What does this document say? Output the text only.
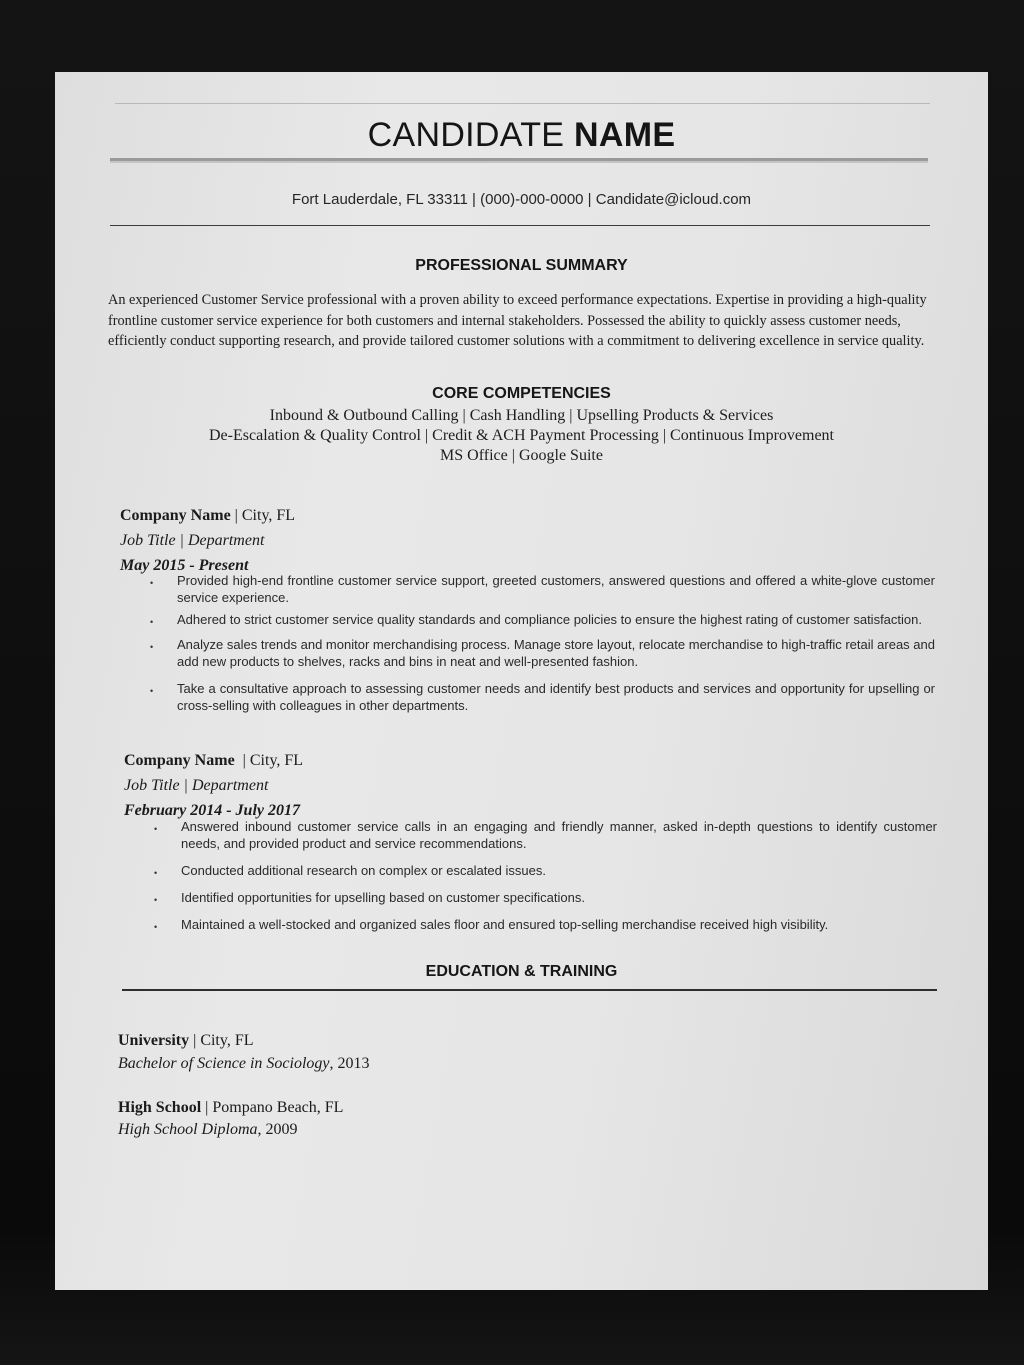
CANDIDATE NAME
Fort Lauderdale, FL 33311 | (000)-000-0000 | Candidate@icloud.com
PROFESSIONAL SUMMARY
An experienced Customer Service professional with a proven ability to exceed performance expectations. Expertise in providing a high-quality frontline customer service experience for both customers and internal stakeholders. Possessed the ability to quickly assess customer needs, efficiently conduct supporting research, and provide tailored customer solutions with a commitment to delivering excellence in service quality.
CORE COMPETENCIES
Inbound & Outbound Calling | Cash Handling | Upselling Products & Services
De-Escalation & Quality Control | Credit & ACH Payment Processing | Continuous Improvement
MS Office | Google Suite
Company Name | City, FL
Job Title | Department
May 2015 - Present
• Provided high-end frontline customer service support, greeted customers, answered questions and offered a white-glove customer service experience.
• Adhered to strict customer service quality standards and compliance policies to ensure the highest rating of customer satisfaction.
• Analyze sales trends and monitor merchandising process. Manage store layout, relocate merchandise to high-traffic retail areas and add new products to shelves, racks and bins in neat and well-presented fashion.
• Take a consultative approach to assessing customer needs and identify best products and services and opportunity for upselling or cross-selling with colleagues in other departments.
Company Name | City, FL
Job Title | Department
February 2014 - July 2017
• Answered inbound customer service calls in an engaging and friendly manner, asked in-depth questions to identify customer needs, and provided product and service recommendations.
• Conducted additional research on complex or escalated issues.
• Identified opportunities for upselling based on customer specifications.
• Maintained a well-stocked and organized sales floor and ensured top-selling merchandise received high visibility.
EDUCATION & TRAINING
University | City, FL
Bachelor of Science in Sociology, 2013
High School | Pompano Beach, FL
High School Diploma, 2009
